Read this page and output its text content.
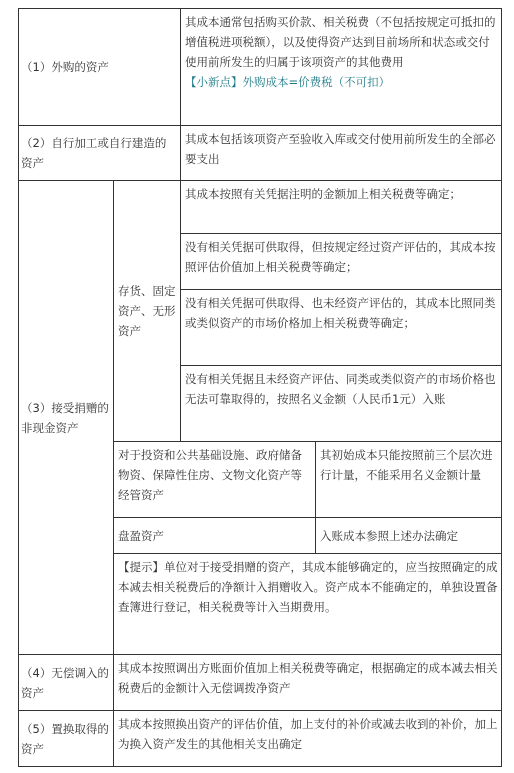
（1）外购的资产		其成本通常包括购买价款、相关税费（不包括按规定可抵扣的增值税进项税额），以及使得资产达到目前场所和状态或交付使用前所发生的归属于该项资产的其他费用
【小新点】外购成本=价费税（不可扣）	

（2）自行加工或自行建造的资产		其成本包括该项资产至验收入库或交付使用前所发生的全部必要支出	
（3）接受捐赠的非现金资产	存货、固定资产、无形资产	其成本按照有关凭据注明的金额加上相关税费等确定；	
		没有相关凭据可供取得，但按规定经过资产评估的，其成本按照评估价值加上相关税费等确定；	
		没有相关凭据可供取得、也未经资产评估的，其成本比照同类或类似资产的市场价格加上相关税费等确定；	
		没有相关凭据且未经资产评估、同类或类似资产的市场价格也无法可靠取得的，按照名义金额（人民币1元）入账	
	对于投资和公共基础设施、政府储备物资、保障性住房、文物文化资产等经管资产		其初始成本只能按照前三个层次进行计量，不能采用名义金额计量
	盘盈资产		入账成本参照上述办法确定
	【提示】单位对于接受捐赠的资产，其成本能够确定的，应当按照确定的成本减去相关税费后的净额计入捐赠收入。资产成本不能确定的，单独设置备查簿进行登记，相关税费等计入当期费用。		
（4）无偿调入的资产	其成本按照调出方账面价值加上相关税费等确定，根据确定的成本减去相关税费后的金额计入无偿调拨净资产		
（5）置换取得的资产	其成本按照换出资产的评估价值，加上支付的补价或减去收到的补价，加上为换入资产发生的其他相关支出确定		
